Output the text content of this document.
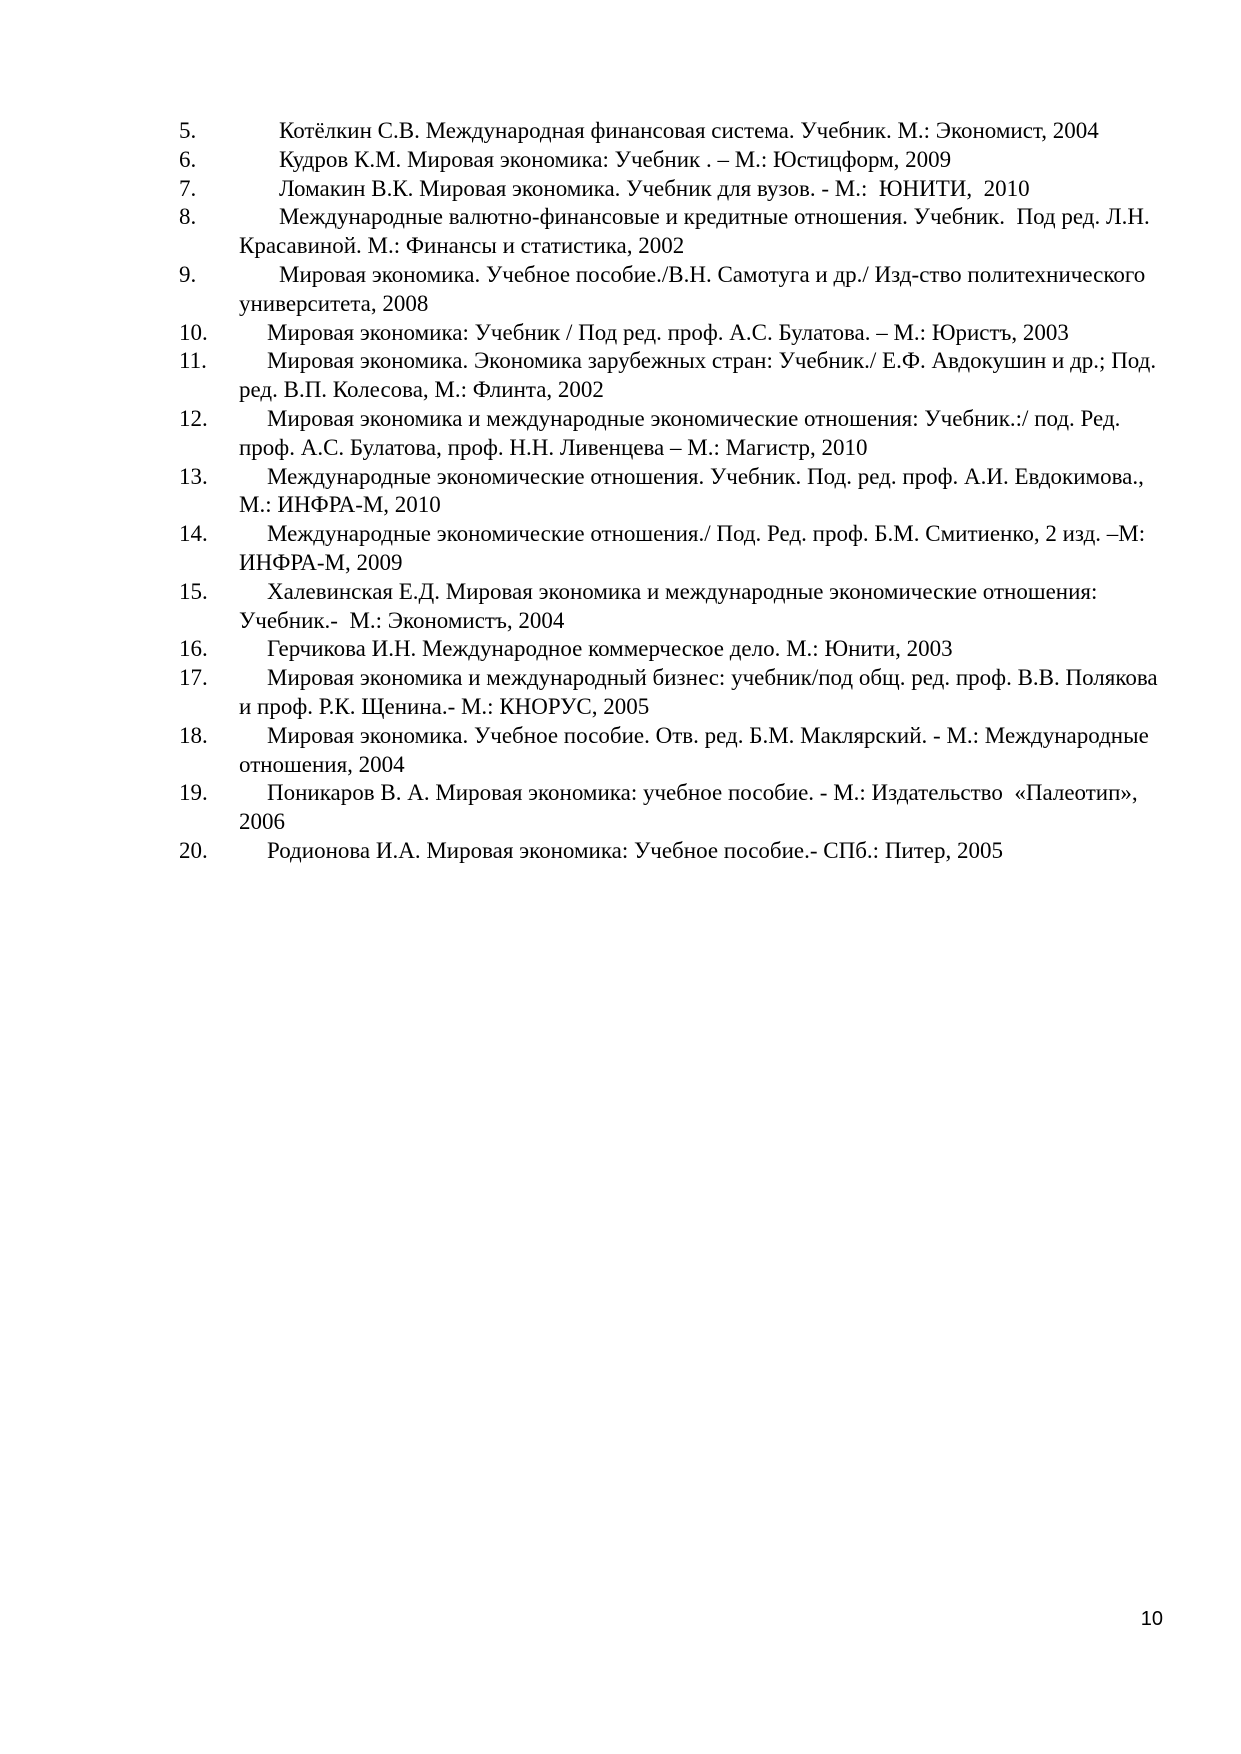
5.	Котёлкин С.В. Международная финансовая система. Учебник. М.: Экономист, 2004
6.	Кудров К.М. Мировая экономика: Учебник . – М.: Юстицформ, 2009
7.	Ломакин В.К. Мировая экономика. Учебник для вузов. - М.:  ЮНИТИ,  2010
8.	Международные валютно-финансовые и кредитные отношения. Учебник.  Под ред. Л.Н. Красавиной. М.: Финансы и статистика, 2002
9.	Мировая экономика. Учебное пособие./В.Н. Самотуга и др./ Изд-ство политехнического университета, 2008
10.	Мировая экономика: Учебник / Под ред. проф. А.С. Булатова. – М.: Юристъ, 2003
11.	Мировая экономика. Экономика зарубежных стран: Учебник./ Е.Ф. Авдокушин и др.; Под. ред. В.П. Колесова, М.: Флинта, 2002
12.	Мировая экономика и международные экономические отношения: Учебник.:/ под. Ред. проф. А.С. Булатова, проф. Н.Н. Ливенцева – М.: Магистр, 2010
13.	Международные экономические отношения. Учебник. Под. ред. проф. А.И. Евдокимова., М.: ИНФРА-М, 2010
14.	Международные экономические отношения./ Под. Ред. проф. Б.М. Смитиенко, 2 изд. –М: ИНФРА-М, 2009
15.	Халевинская Е.Д. Мировая экономика и международные экономические отношения: Учебник.-  М.: Экономистъ, 2004
16.	Герчикова И.Н. Международное коммерческое дело. М.: Юнити, 2003
17.	Мировая экономика и международный бизнес: учебник/под общ. ред. проф. В.В. Полякова и проф. Р.К. Щенина.- М.: КНОРУС, 2005
18.	Мировая экономика. Учебное пособие. Отв. ред. Б.М. Маклярский. - М.: Международные отношения, 2004
19.	Поникаров В. А. Мировая экономика: учебное пособие. - М.: Издательство  «Палеотип», 2006
20.	Родионова И.А. Мировая экономика: Учебное пособие.- СПб.: Питер, 2005
10
